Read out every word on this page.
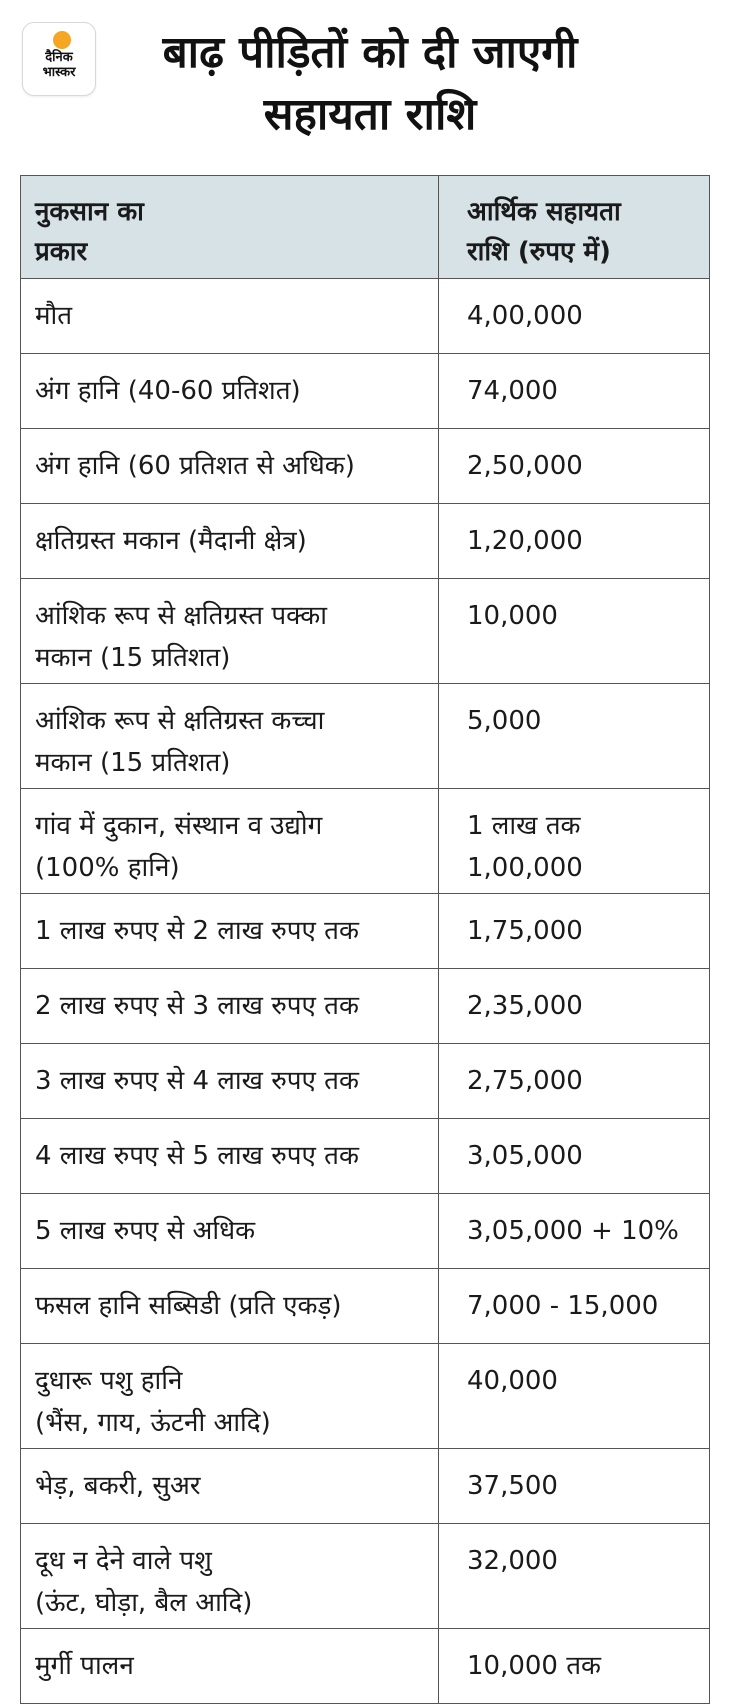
दैनिक
भास्कर	बाढ़ पीड़ितों को दी जाएगी
सहायता राशि
नुकसान का
प्रकार	आर्थिक सहायता
राशि (रुपए में)

मौत	4,00,000

अंग हानि (40-60 प्रतिशत)	74,000

अंग हानि (60 प्रतिशत से अधिक)	2,50,000

क्षतिग्रस्त मकान (मैदानी क्षेत्र)	1,20,000

आंशिक रूप से क्षतिग्रस्त पक्का
मकान (15 प्रतिशत)	10,000

आंशिक रूप से क्षतिग्रस्त कच्चा
मकान (15 प्रतिशत)	5,000

गांव में दुकान, संस्थान व उद्योग
(100% हानि)	1 लाख तक
1,00,000

1 लाख रुपए से 2 लाख रुपए तक	1,75,000

2 लाख रुपए से 3 लाख रुपए तक	2,35,000

3 लाख रुपए से 4 लाख रुपए तक	2,75,000

4 लाख रुपए से 5 लाख रुपए तक	3,05,000

5 लाख रुपए से अधिक	3,05,000 + 10%

फसल हानि सब्सिडी (प्रति एकड़)	7,000 - 15,000

दुधारू पशु हानि
(भैंस, गाय, ऊंटनी आदि)	40,000

भेड़, बकरी, सुअर	37,500

दूध न देने वाले पशु
(ऊंट, घोड़ा, बैल आदि)	32,000

मुर्गी पालन	10,000 तक
